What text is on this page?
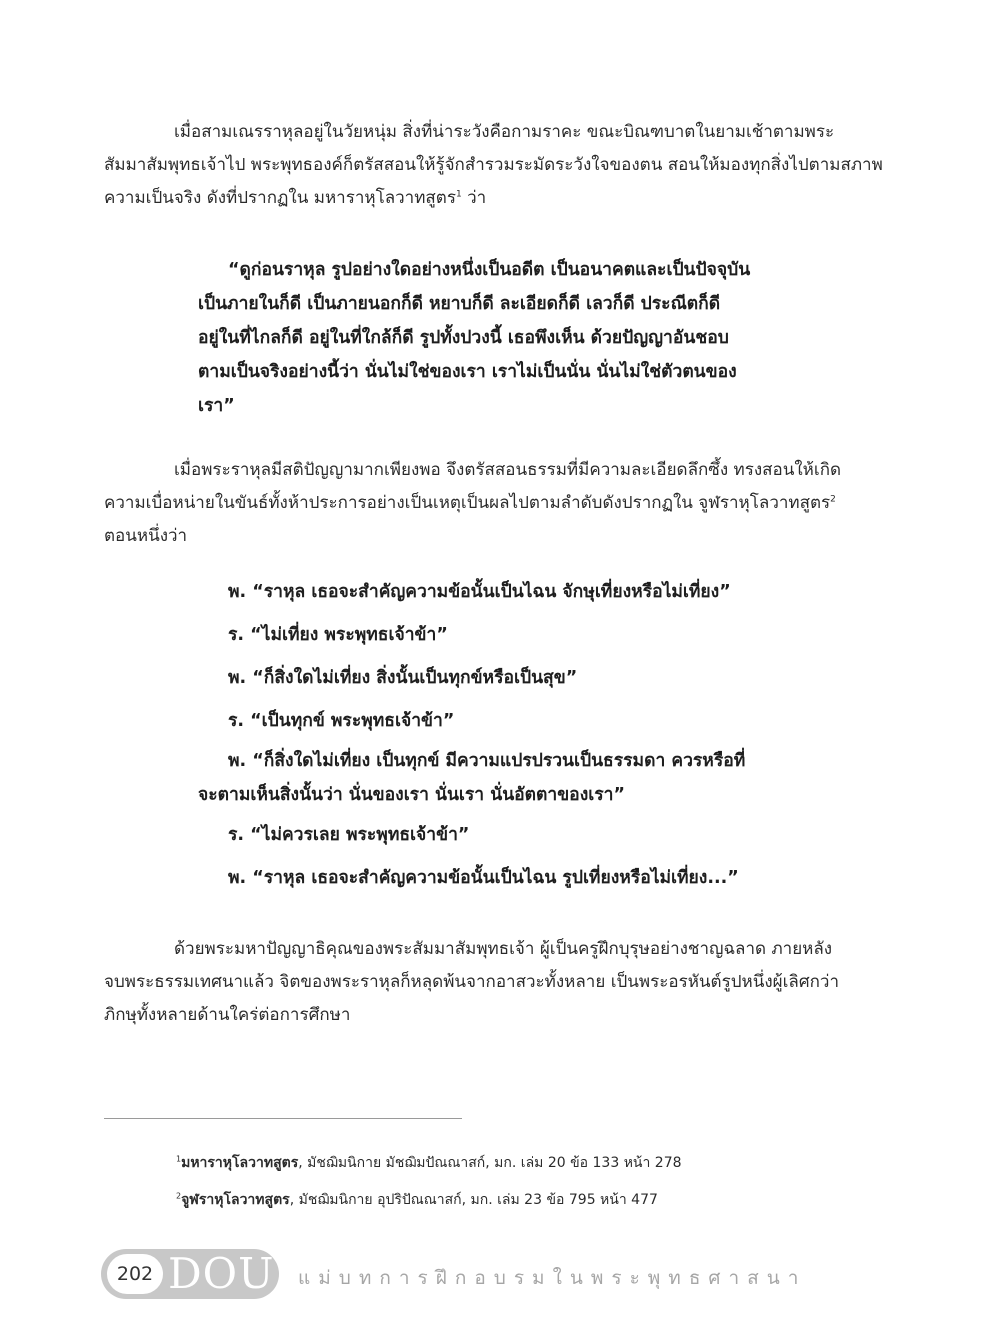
เมื่อสามเณรราหุลอยู่ในวัยหนุ่ม สิ่งที่น่าระวังคือกามราคะ ขณะบิณฑบาตในยามเช้าตามพระ
สัมมาสัมพุทธเจ้าไป พระพุทธองค์ก็ตรัสสอนให้รู้จักสำรวมระมัดระวังใจของตน สอนให้มองทุกสิ่งไปตามสภาพ
ความเป็นจริง ดังที่ปรากฏใน มหาราหุโลวาทสูตร$^1$ ว่า
“ดูก่อนราหุล รูปอย่างใดอย่างหนึ่งเป็นอดีต เป็นอนาคตและเป็นปัจจุบัน
เป็นภายในก็ดี เป็นภายนอกก็ดี หยาบก็ดี ละเอียดก็ดี เลวก็ดี ประณีตก็ดี
อยู่ในที่ไกลก็ดี อยู่ในที่ใกล้ก็ดี รูปทั้งปวงนี้ เธอพึงเห็น ด้วยปัญญาอันชอบ
ตามเป็นจริงอย่างนี้ว่า นั่นไม่ใช่ของเรา เราไม่เป็นนั่น นั่นไม่ใช่ตัวตนของ
เรา”
เมื่อพระราหุลมีสติปัญญามากเพียงพอ จึงตรัสสอนธรรมที่มีความละเอียดลึกซึ้ง ทรงสอนให้เกิด
ความเบื่อหน่ายในขันธ์ทั้งห้าประการอย่างเป็นเหตุเป็นผลไปตามลำดับดังปรากฏใน จูฬราหุโลวาทสูตร$^2$
ตอนหนึ่งว่า
พ. “ราหุล เธอจะสำคัญความข้อนั้นเป็นไฉน จักษุเที่ยงหรือไม่เที่ยง”
ร. “ไม่เที่ยง พระพุทธเจ้าข้า”
พ. “ก็สิ่งใดไม่เที่ยง สิ่งนั้นเป็นทุกข์หรือเป็นสุข”
ร. “เป็นทุกข์ พระพุทธเจ้าข้า”
พ. “ก็สิ่งใดไม่เที่ยง เป็นทุกข์ มีความแปรปรวนเป็นธรรมดา ควรหรือที่
จะตามเห็นสิ่งนั้นว่า นั่นของเรา นั่นเรา นั่นอัตตาของเรา”
ร. “ไม่ควรเลย พระพุทธเจ้าข้า”
พ. “ราหุล เธอจะสำคัญความข้อนั้นเป็นไฉน รูปเที่ยงหรือไม่เที่ยง...”
ด้วยพระมหาปัญญาธิคุณของพระสัมมาสัมพุทธเจ้า ผู้เป็นครูฝึกบุรุษอย่างชาญฉลาด ภายหลัง
จบพระธรรมเทศนาแล้ว จิตของพระราหุลก็หลุดพ้นจากอาสวะทั้งหลาย เป็นพระอรหันต์รูปหนึ่งผู้เลิศกว่า
ภิกษุทั้งหลายด้านใคร่ต่อการศึกษา
$^1$มหาราหุโลวาทสูตร, มัชฌิมนิกาย มัชฌิมปัณณาสก์, มก. เล่ม 20 ข้อ 133 หน้า 278
$^2$จูฬราหุโลวาทสูตร, มัชฌิมนิกาย อุปริปัณณาสก์, มก. เล่ม 23 ข้อ 795 หน้า 477
202 DOU แม่บทการฝึกอบรมในพระพุทธศาสนา
